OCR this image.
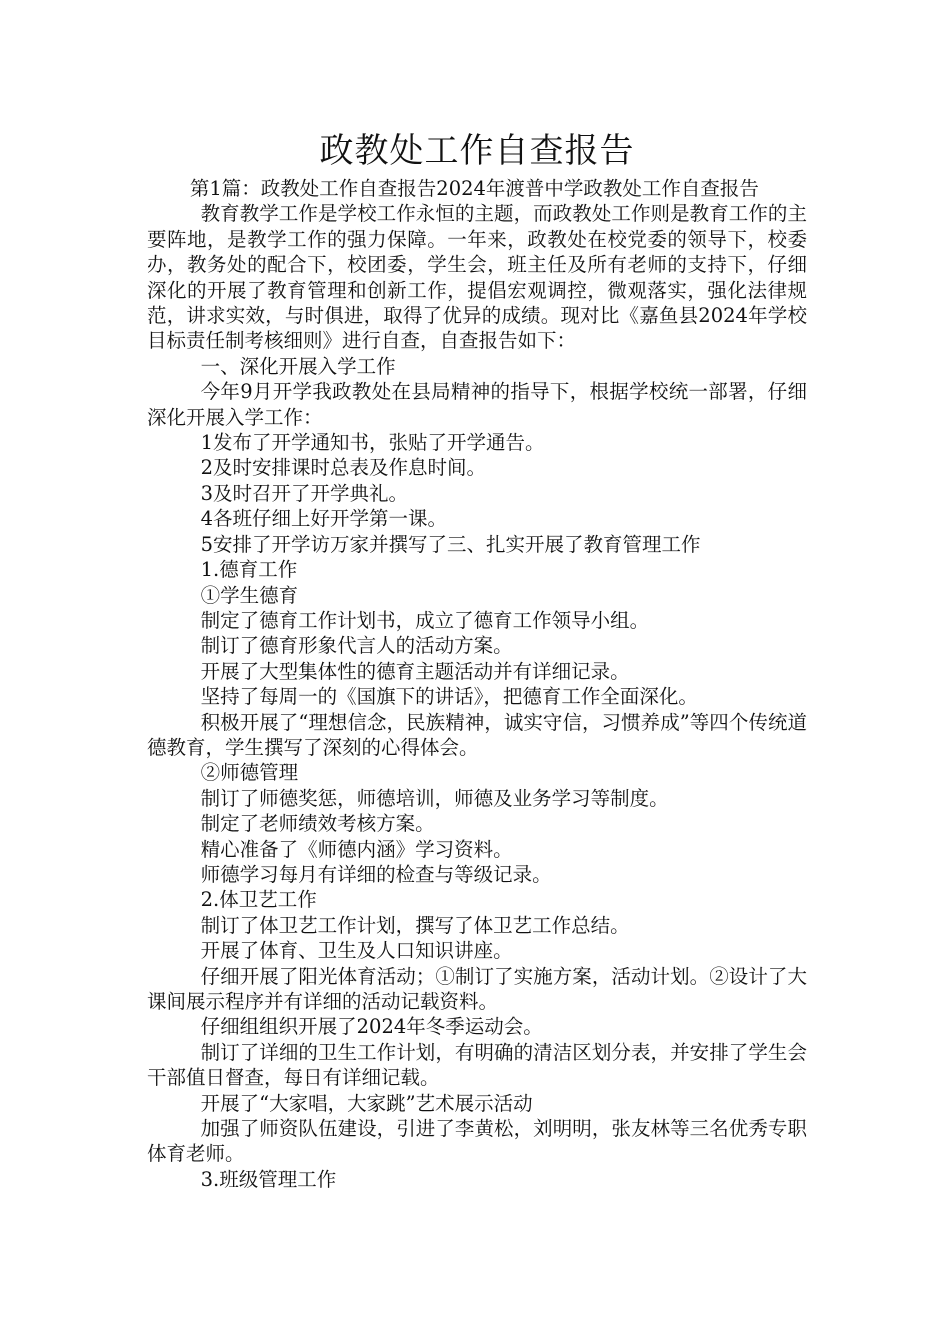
政教处工作自查报告

第1篇：政教处工作自查报告2024年渡普中学政教处工作自查报告

教育教学工作是学校工作永恒的主题，而政教处工作则是教育工作的主要阵地，是教学工作的强力保障。一年来，政教处在校党委的领导下，校委办，教务处的配合下，校团委，学生会，班主任及所有老师的支持下，仔细深化的开展了教育管理和创新工作，提倡宏观调控，微观落实，强化法律规范，讲求实效，与时俱进，取得了优异的成绩。现对比《嘉鱼县2024年学校目标责任制考核细则》进行自查，自查报告如下：

一、深化开展入学工作

今年9月开学我政教处在县局精神的指导下，根据学校统一部署，仔细深化开展入学工作：

1发布了开学通知书，张贴了开学通告。

2及时安排课时总表及作息时间。

3及时召开了开学典礼。

4各班仔细上好开学第一课。

5安排了开学访万家并撰写了三、扎实开展了教育管理工作

1.德育工作

①学生德育

制定了德育工作计划书，成立了德育工作领导小组。

制订了德育形象代言人的活动方案。

开展了大型集体性的德育主题活动并有详细记录。

坚持了每周一的《国旗下的讲话》，把德育工作全面深化。

积极开展了“理想信念，民族精神，诚实守信，习惯养成”等四个传统道德教育，学生撰写了深刻的心得体会。

②师德管理

制订了师德奖惩，师德培训，师德及业务学习等制度。

制定了老师绩效考核方案。

精心准备了《师德内涵》学习资料。

师德学习每月有详细的检查与等级记录。

2.体卫艺工作

制订了体卫艺工作计划，撰写了体卫艺工作总结。

开展了体育、卫生及人口知识讲座。

仔细开展了阳光体育活动；①制订了实施方案，活动计划。②设计了大课间展示程序并有详细的活动记载资料。

仔细组组织开展了2024年冬季运动会。

制订了详细的卫生工作计划，有明确的清洁区划分表，并安排了学生会干部值日督查，每日有详细记载。

开展了“大家唱，大家跳”艺术展示活动

加强了师资队伍建设，引进了李黄松，刘明明，张友林等三名优秀专职体育老师。

3.班级管理工作
